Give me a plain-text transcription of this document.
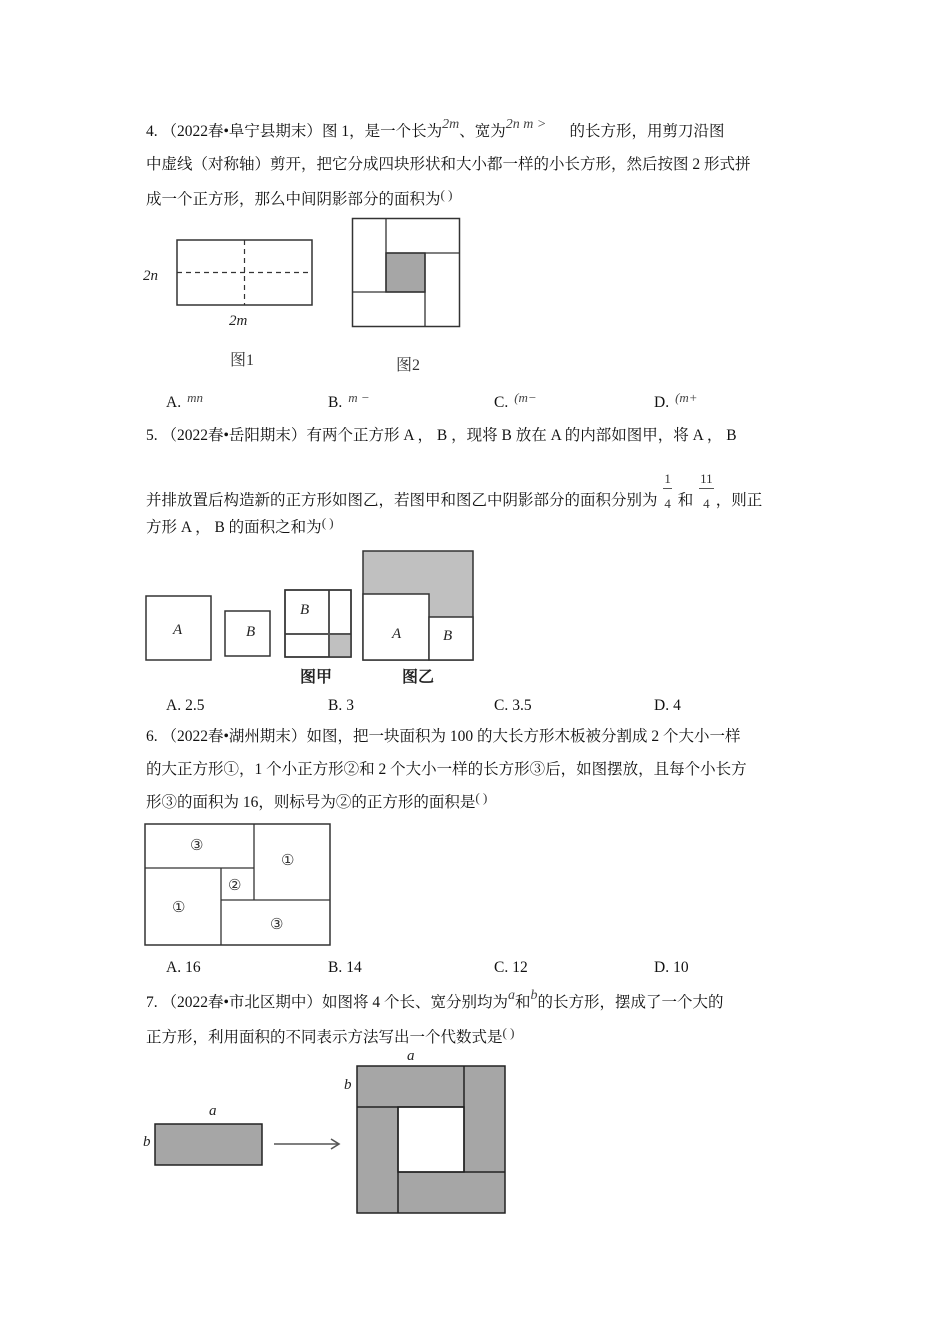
4. （2022春•阜宁县期末）图 1，是一个长为2m、宽为2n m > 的长方形，用剪刀沿图
中虚线（对称轴）剪开，把它分成四块形状和大小都一样的小长方形，然后按图 2 形式拼
成一个正方形，那么中间阴影部分的面积为( )
2n
2m
图1	图2
A. $^{mn}$	B. $^{m -}$	C. $^{(m-}$	D. $^{(m+}$
5. （2022春•岳阳期末）有两个正方形 A ， B ，现将 B 放在 A 的内部如图甲，将 A ， B
并排放置后构造新的正方形如图乙，若图甲和图乙中阴影部分的面积分别为 $\frac{1}{4}$ 和 $\frac{11}{4}$ ，则正
方形 A ， B 的面积之和为( )
A	B
B
A	B
图甲	图乙
A. 2.5	B. 3	C. 3.5	D. 4
6. （2022春•湖州期末）如图，把一块面积为 100 的大长方形木板被分割成 2 个大小一样
的大正方形①，1 个小正方形②和 2 个大小一样的长方形③后，如图摆放，且每个小长方
形③的面积为 16，则标号为②的正方形的面积是( )
③
①
②
①
③
A. 16	B. 14	C. 12	D. 10
7. （2022春•市北区期中）如图将 4 个长、宽分别均为a和b的长方形，摆成了一个大的
正方形，利用面积的不同表示方法写出一个代数式是( )
a
b
a
b
